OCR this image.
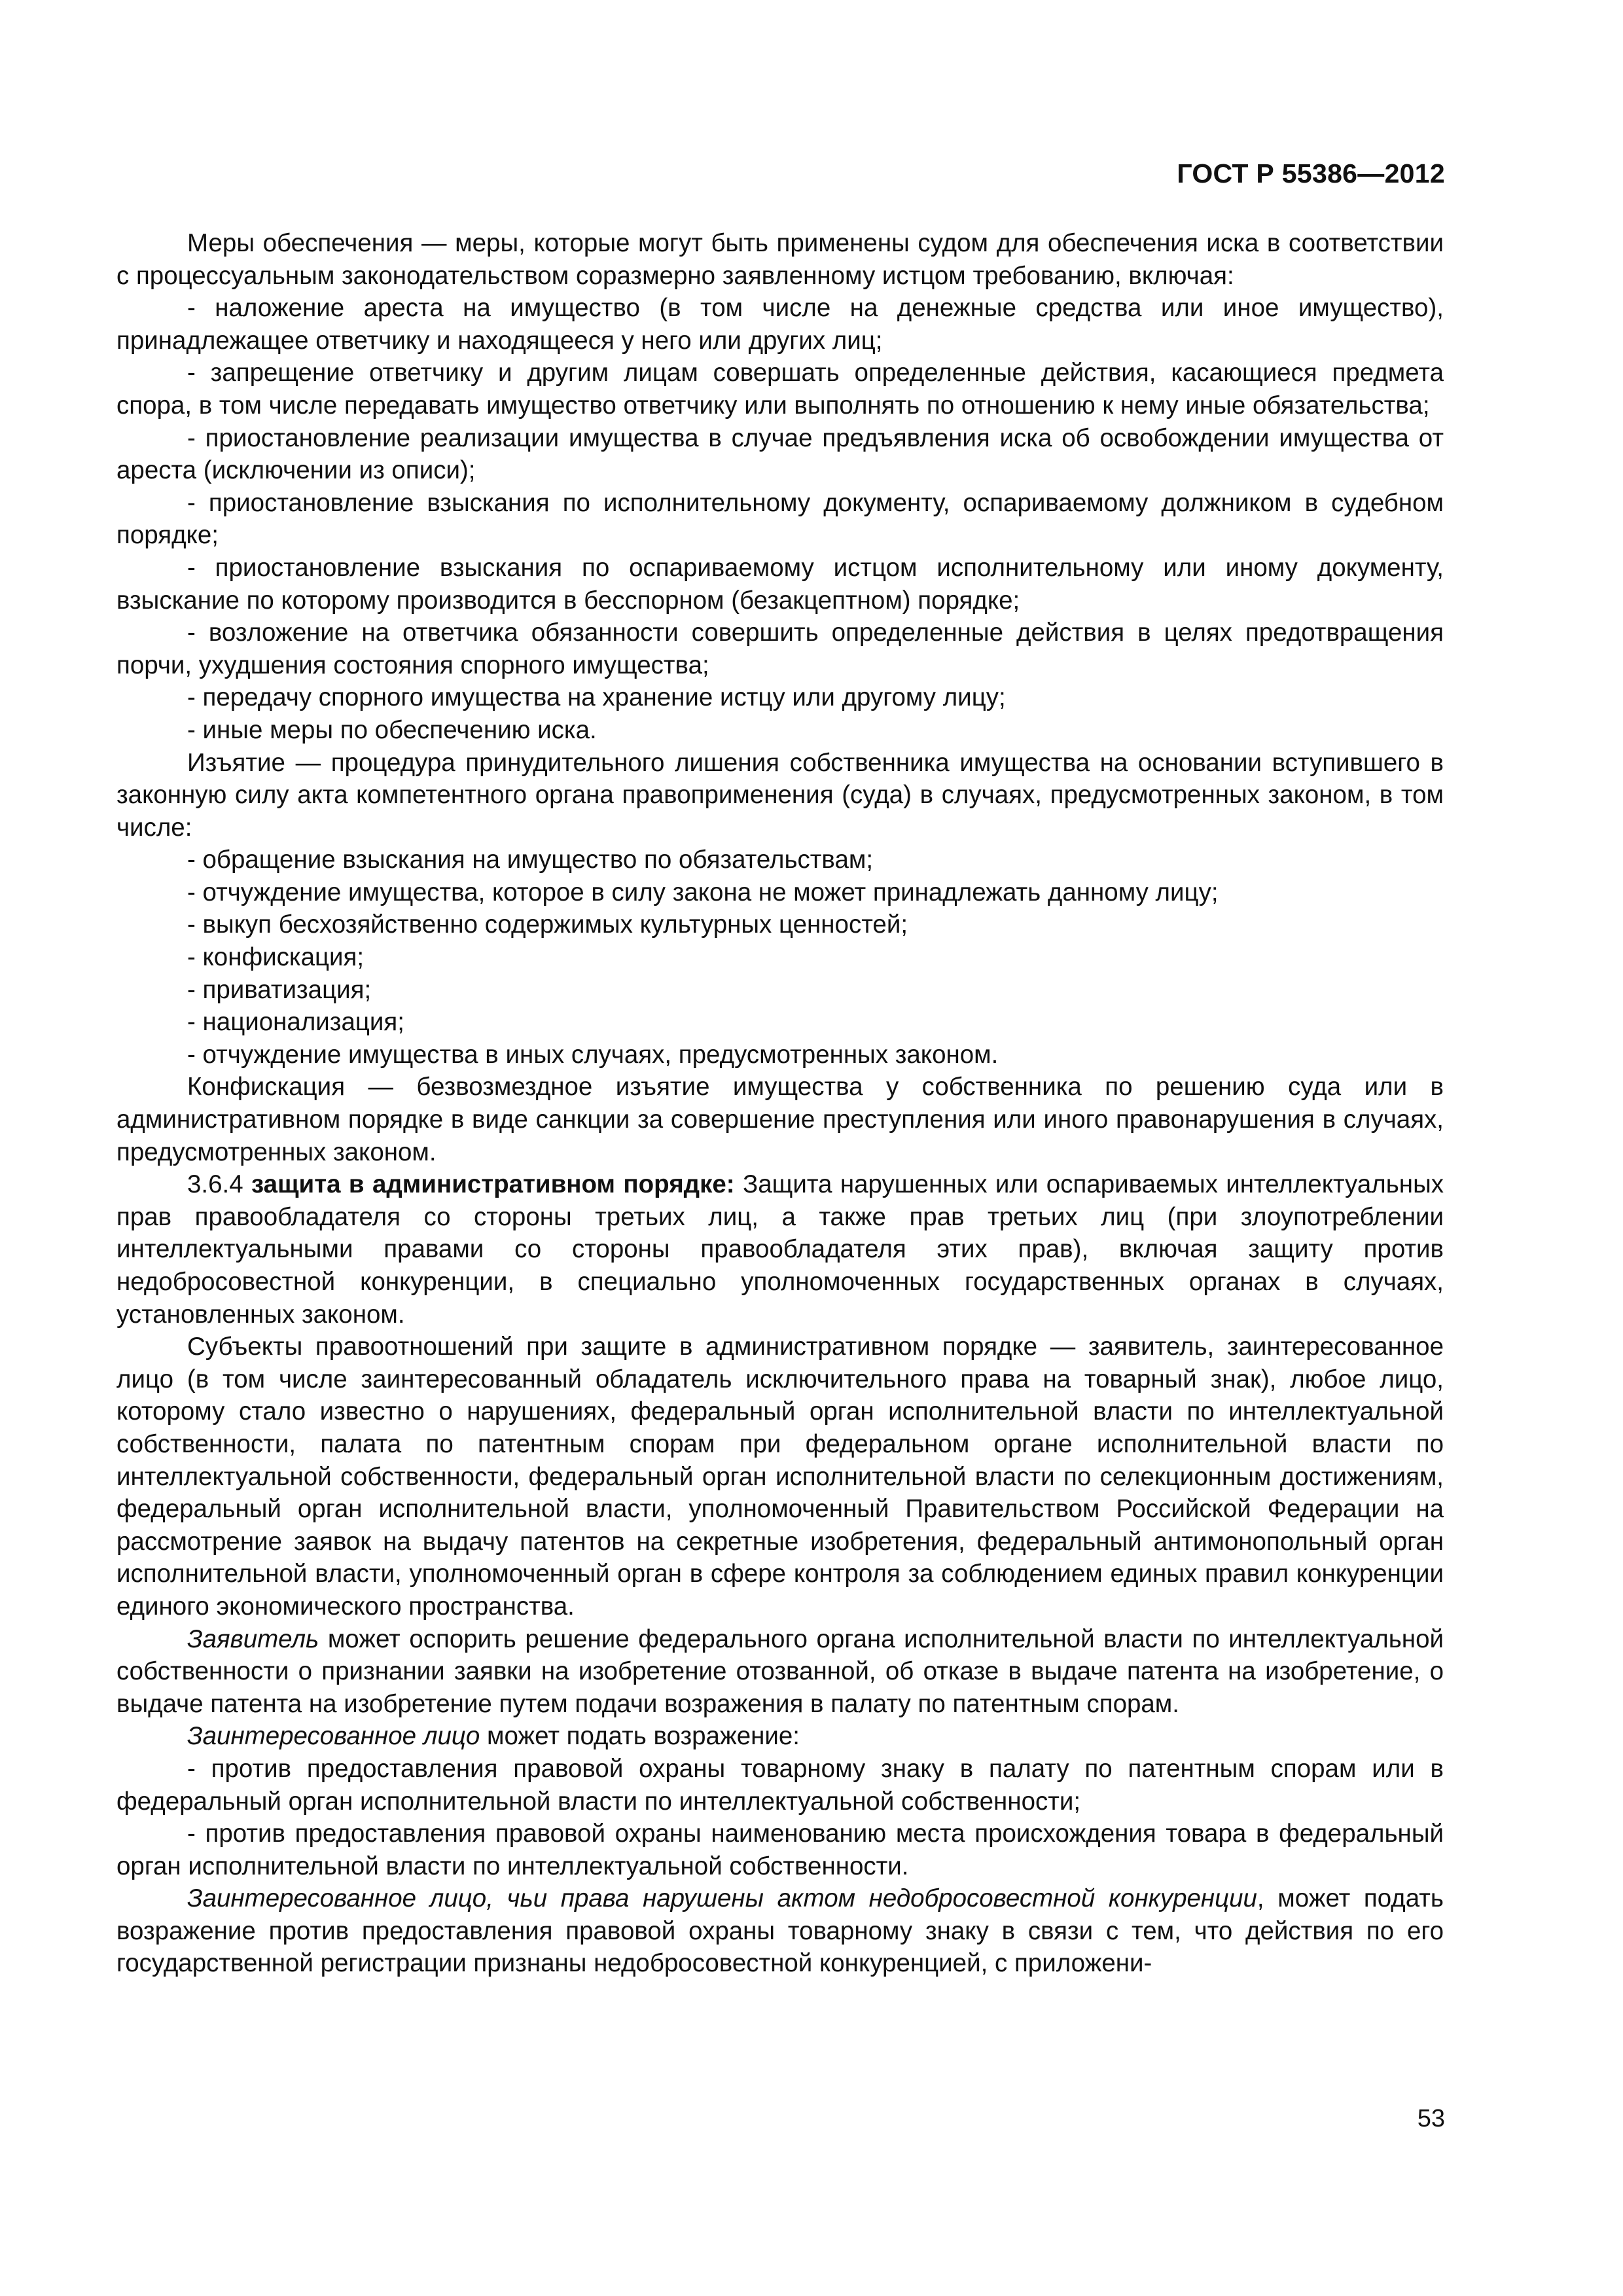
ГОСТ Р 55386—2012

Меры обеспечения — меры, которые могут быть применены судом для обеспечения иска в соответствии с процессуальным законодательством соразмерно заявленному истцом требованию, включая:

- наложение ареста на имущество (в том числе на денежные средства или иное имущество), принадлежащее ответчику и находящееся у него или других лиц;

- запрещение ответчику и другим лицам совершать определенные действия, касающиеся предмета спора, в том числе передавать имущество ответчику или выполнять по отношению к нему иные обязательства;

- приостановление реализации имущества в случае предъявления иска об освобождении имущества от ареста (исключении из описи);

- приостановление взыскания по исполнительному документу, оспариваемому должником в судебном порядке;

- приостановление взыскания по оспариваемому истцом исполнительному или иному документу, взыскание по которому производится в бесспорном (безакцептном) порядке;

- возложение на ответчика обязанности совершить определенные действия в целях предотвращения порчи, ухудшения состояния спорного имущества;

- передачу спорного имущества на хранение истцу или другому лицу;

- иные меры по обеспечению иска.

Изъятие — процедура принудительного лишения собственника имущества на основании вступившего в законную силу акта компетентного органа правоприменения (суда) в случаях, предусмотренных законом, в том числе:

- обращение взыскания на имущество по обязательствам;

- отчуждение имущества, которое в силу закона не может принадлежать данному лицу;

- выкуп бесхозяйственно содержимых культурных ценностей;

- конфискация;

- приватизация;

- национализация;

- отчуждение имущества в иных случаях, предусмотренных законом.

Конфискация — безвозмездное изъятие имущества у собственника по решению суда или в административном порядке в виде санкции за совершение преступления или иного правонарушения в случаях, предусмотренных законом.

3.6.4 защита в административном порядке: Защита нарушенных или оспариваемых интеллектуальных прав правообладателя со стороны третьих лиц, а также прав третьих лиц (при злоупотреблении интеллектуальными правами со стороны правообладателя этих прав), включая защиту против недобросовестной конкуренции, в специально уполномоченных государственных органах в случаях, установленных законом.

Субъекты правоотношений при защите в административном порядке — заявитель, заинтересованное лицо (в том числе заинтересованный обладатель исключительного права на товарный знак), любое лицо, которому стало известно о нарушениях, федеральный орган исполнительной власти по интеллектуальной собственности, палата по патентным спорам при федеральном органе исполнительной власти по интеллектуальной собственности, федеральный орган исполнительной власти по селекционным достижениям, федеральный орган исполнительной власти, уполномоченный Правительством Российской Федерации на рассмотрение заявок на выдачу патентов на секретные изобретения, федеральный антимонопольный орган исполнительной власти, уполномоченный орган в сфере контроля за соблюдением единых правил конкуренции единого экономического пространства.

Заявитель может оспорить решение федерального органа исполнительной власти по интеллектуальной собственности о признании заявки на изобретение отозванной, об отказе в выдаче патента на изобретение, о выдаче патента на изобретение путем подачи возражения в палату по патентным спорам.

Заинтересованное лицо может подать возражение:

- против предоставления правовой охраны товарному знаку в палату по патентным спорам или в федеральный орган исполнительной власти по интеллектуальной собственности;

- против предоставления правовой охраны наименованию места происхождения товара в федеральный орган исполнительной власти по интеллектуальной собственности.

Заинтересованное лицо, чьи права нарушены актом недобросовестной конкуренции, может подать возражение против предоставления правовой охраны товарному знаку в связи с тем, что действия по его государственной регистрации признаны недобросовестной конкуренцией, с приложени-

53
